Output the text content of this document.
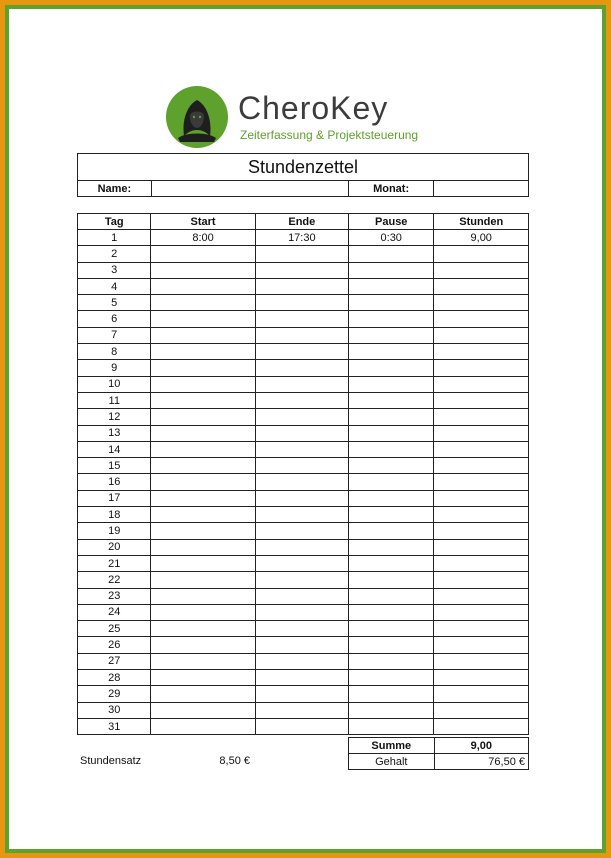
CheroKey
Zeiterfassung & Projektsteuerung
Stundenzettel
Name:		Monat:	
Tag	Start	Ende	Pause	Stunden
1	8:00	17:30	0:30	9,00
2				
3				
4				
5				
6				
7				
8				
9				
10				
11				
12				
13				
14				
15				
16				
17				
18				
19				
20				
21				
22				
23				
24				
25				
26				
27				
28				
29				
30				
31				
Summe	9,00
Gehalt	76,50 €
Stundensatz	8,50 €
